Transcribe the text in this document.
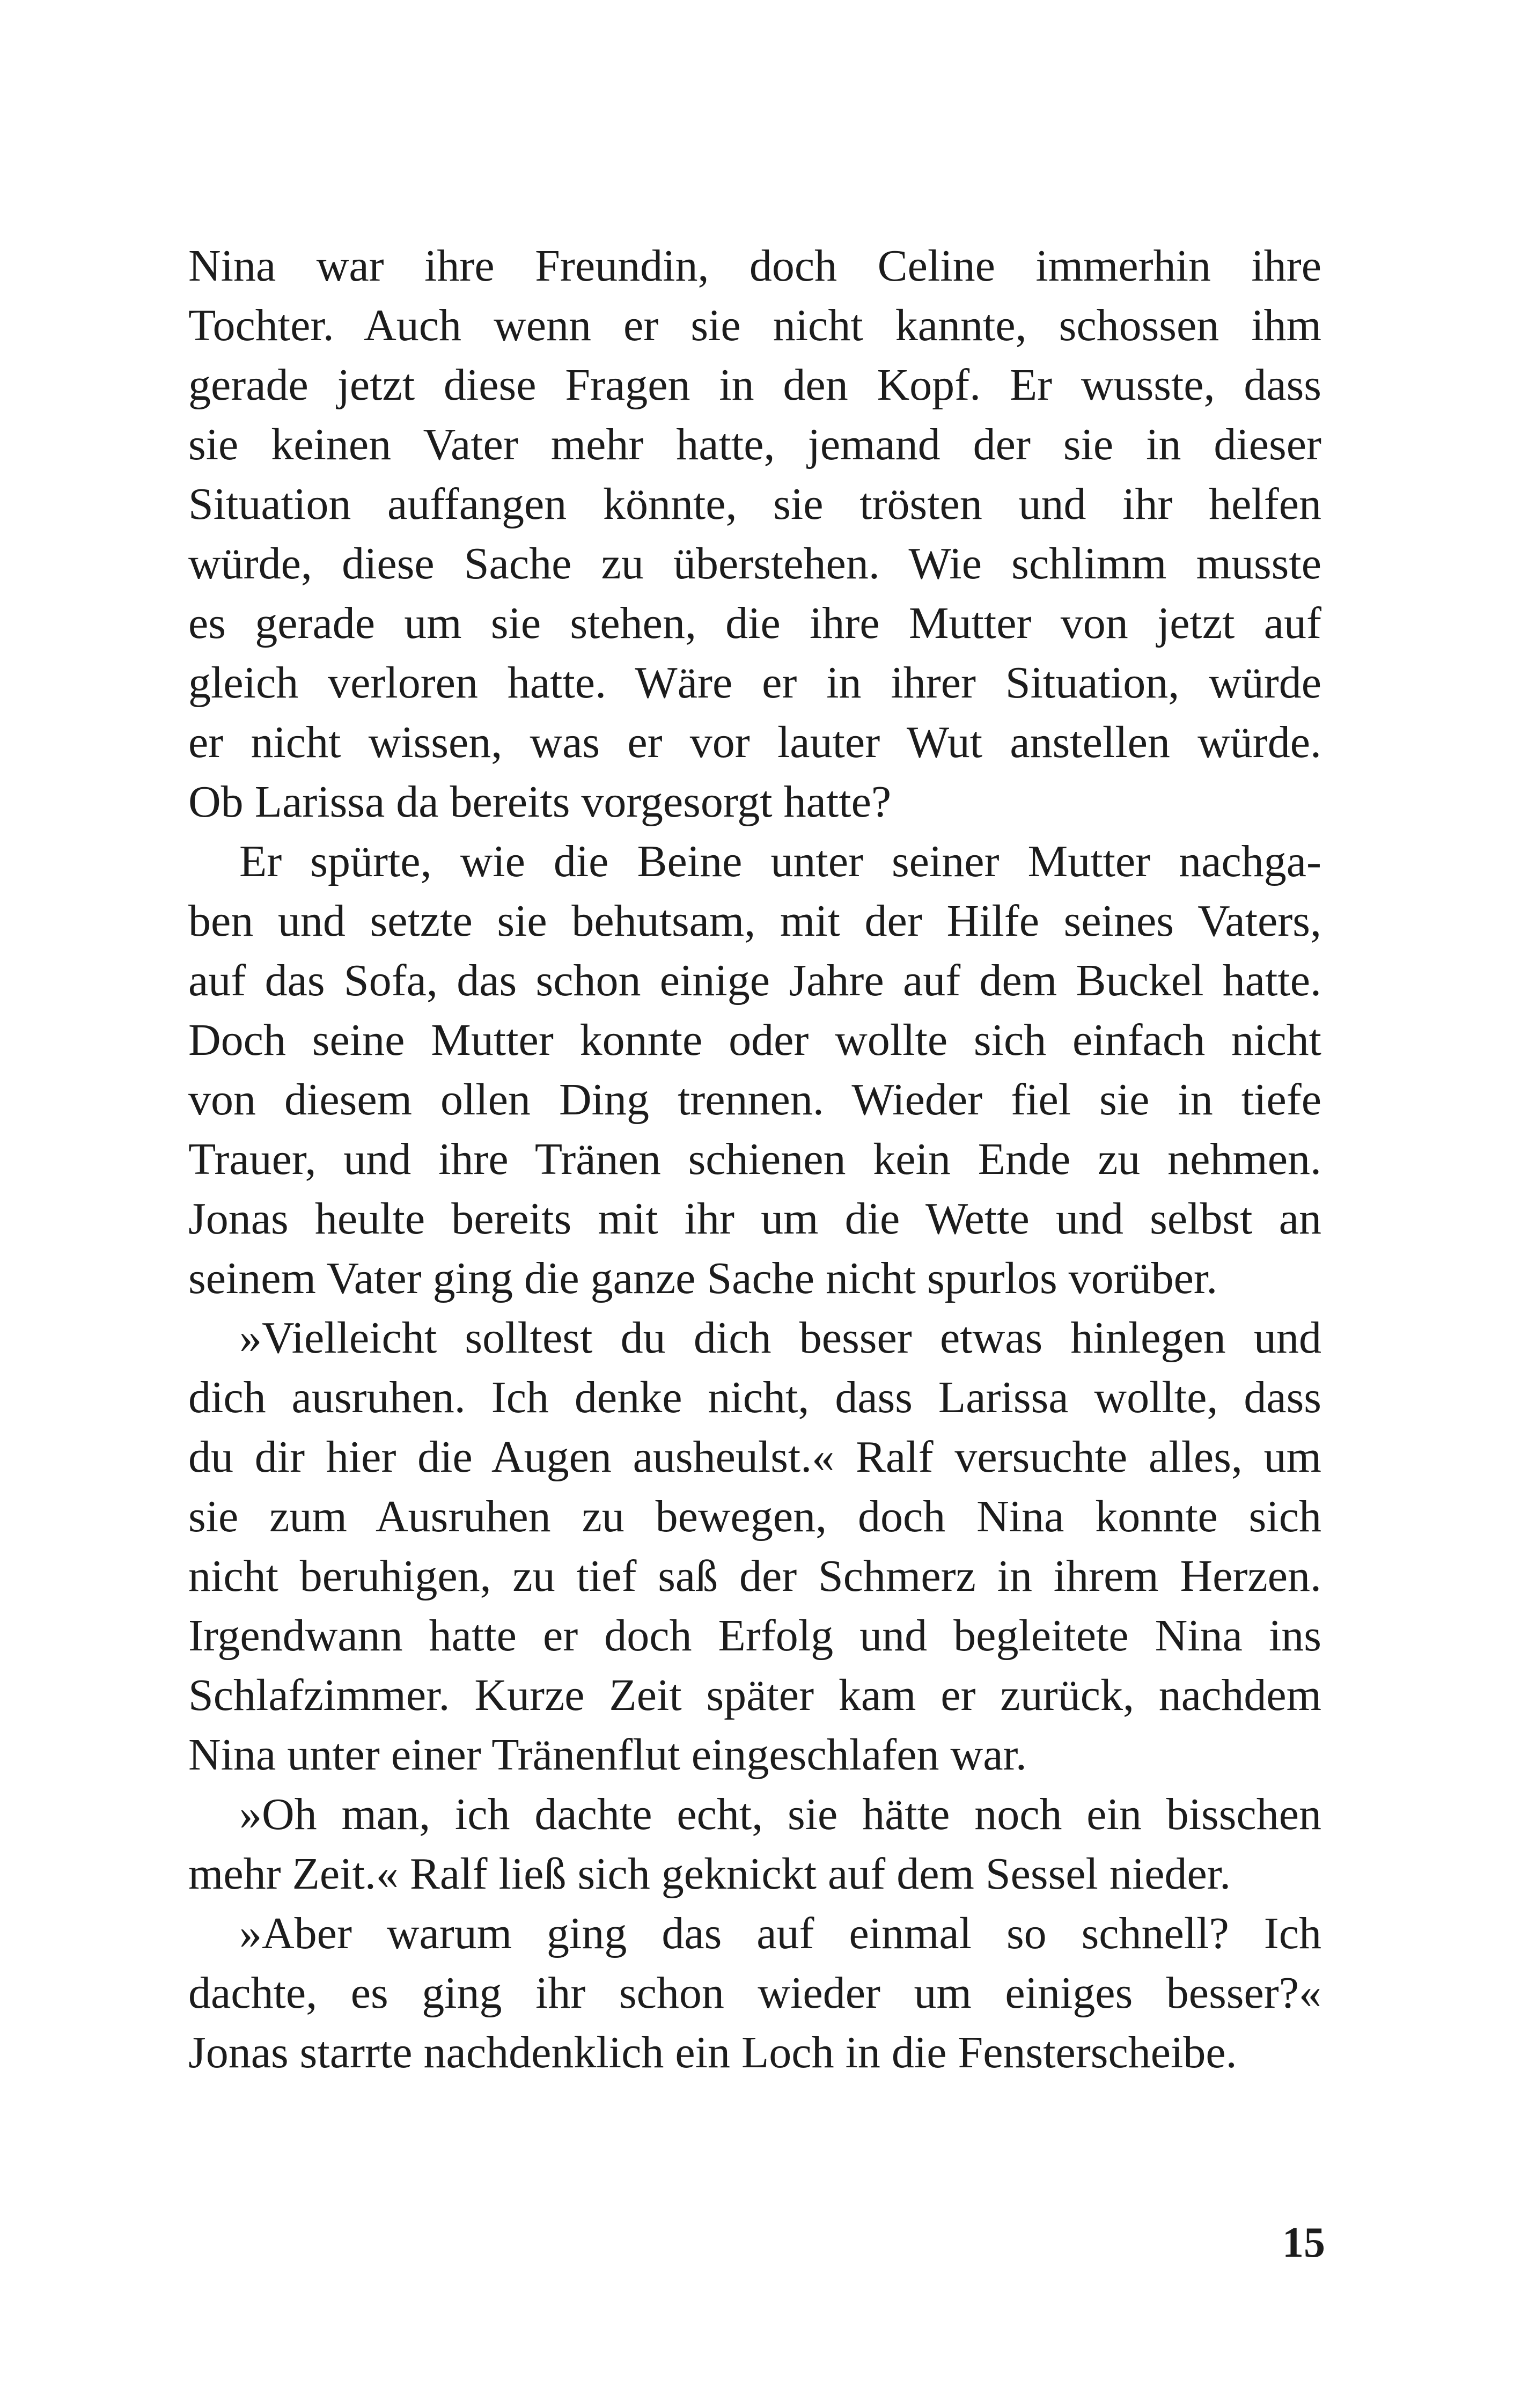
Nina war ihre Freundin, doch Celine immerhin ihre
Tochter. Auch wenn er sie nicht kannte, schossen ihm
gerade jetzt diese Fragen in den Kopf. Er wusste, dass
sie keinen Vater mehr hatte, jemand der sie in dieser
Situation auffangen könnte, sie trösten und ihr helfen
würde, diese Sache zu überstehen. Wie schlimm musste
es gerade um sie stehen, die ihre Mutter von jetzt auf
gleich verloren hatte. Wäre er in ihrer Situation, würde
er nicht wissen, was er vor lauter Wut anstellen würde.
Ob Larissa da bereits vorgesorgt hatte?
Er spürte, wie die Beine unter seiner Mutter nachga-
ben und setzte sie behutsam, mit der Hilfe seines Vaters,
auf das Sofa, das schon einige Jahre auf dem Buckel hatte.
Doch seine Mutter konnte oder wollte sich einfach nicht
von diesem ollen Ding trennen. Wieder fiel sie in tiefe
Trauer, und ihre Tränen schienen kein Ende zu nehmen.
Jonas heulte bereits mit ihr um die Wette und selbst an
seinem Vater ging die ganze Sache nicht spurlos vorüber.
»Vielleicht solltest du dich besser etwas hinlegen und
dich ausruhen. Ich denke nicht, dass Larissa wollte, dass
du dir hier die Augen ausheulst.« Ralf versuchte alles, um
sie zum Ausruhen zu bewegen, doch Nina konnte sich
nicht beruhigen, zu tief saß der Schmerz in ihrem Herzen.
Irgendwann hatte er doch Erfolg und begleitete Nina ins
Schlafzimmer. Kurze Zeit später kam er zurück, nachdem
Nina unter einer Tränenflut eingeschlafen war.
»Oh man, ich dachte echt, sie hätte noch ein bisschen
mehr Zeit.« Ralf ließ sich geknickt auf dem Sessel nieder.
»Aber warum ging das auf einmal so schnell? Ich
dachte, es ging ihr schon wieder um einiges besser?«
Jonas starrte nachdenklich ein Loch in die Fensterscheibe.
15
